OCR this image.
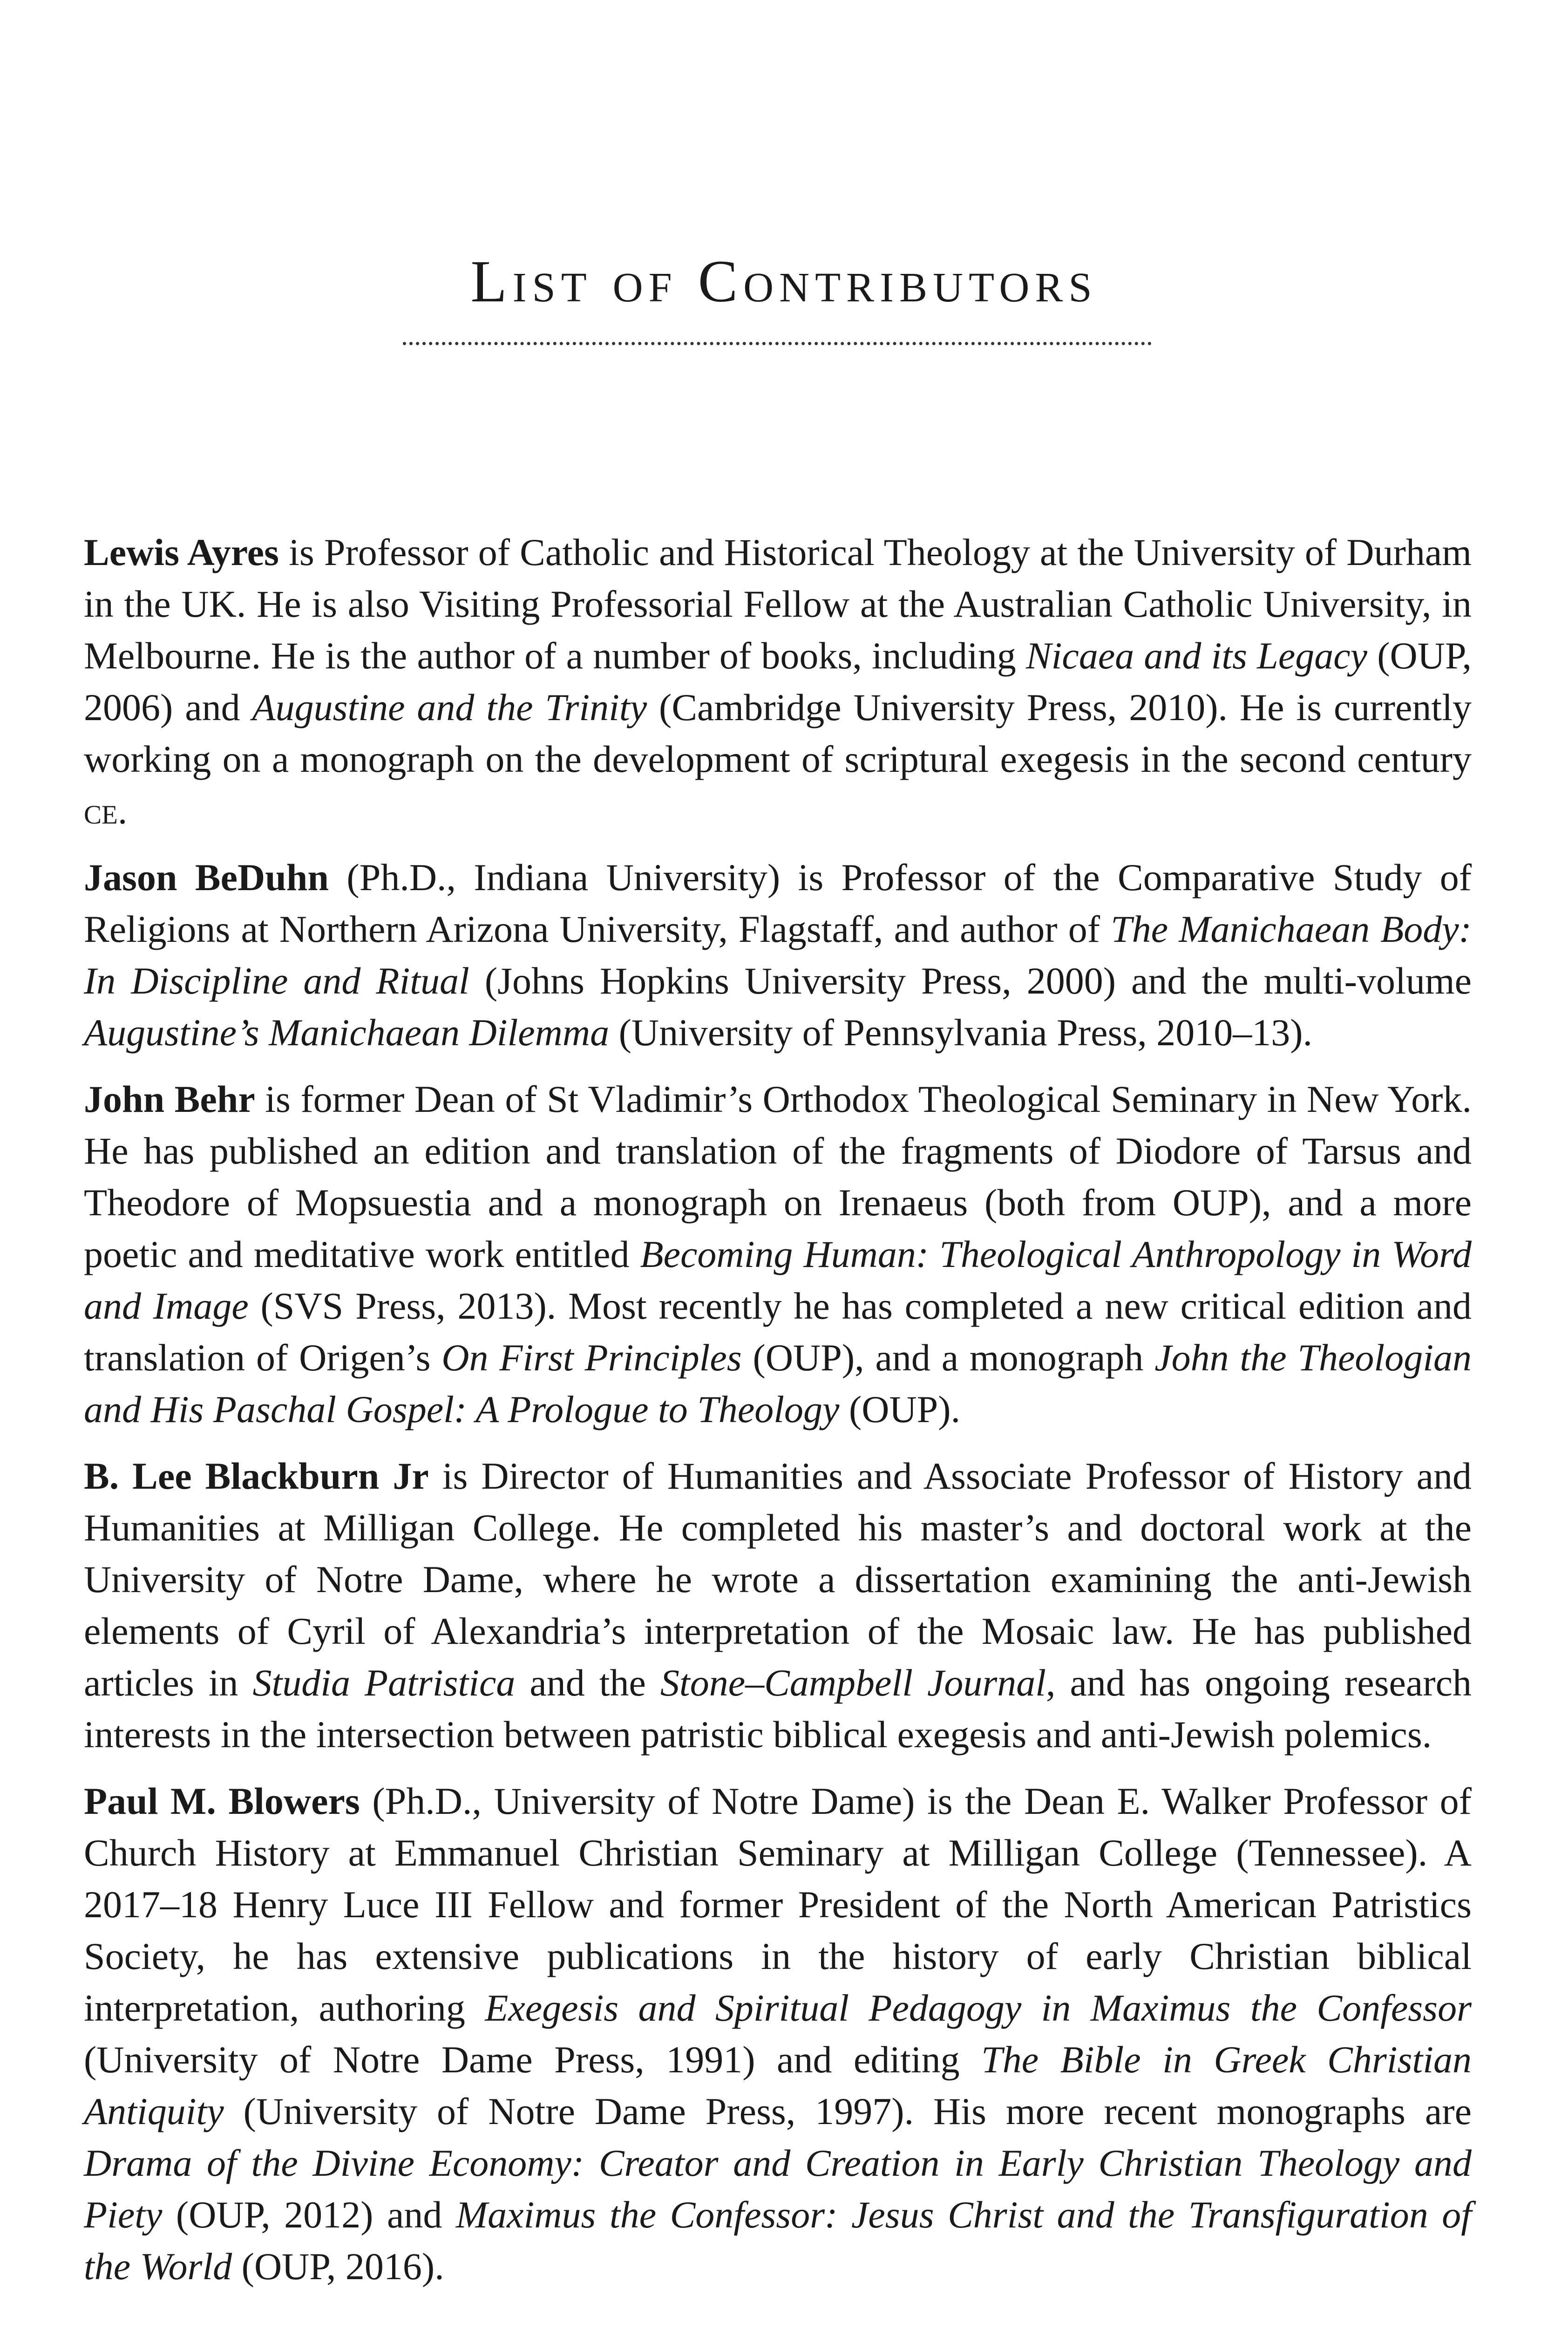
List of Contributors

Lewis Ayres is Professor of Catholic and Historical Theology at the University of Durham in the UK. He is also Visiting Professorial Fellow at the Australian Catholic University, in Melbourne. He is the author of a number of books, including Nicaea and its Legacy (OUP, 2006) and Augustine and the Trinity (Cambridge University Press, 2010). He is currently working on a monograph on the development of scriptural exegesis in the second century ce.

Jason BeDuhn (Ph.D., Indiana University) is Professor of the Comparative Study of Religions at Northern Arizona University, Flagstaff, and author of The Manichaean Body: In Discipline and Ritual (Johns Hopkins University Press, 2000) and the multi-volume Augustine’s Manichaean Dilemma (University of Pennsylvania Press, 2010–13).

John Behr is former Dean of St Vladimir’s Orthodox Theological Seminary in New York. He has published an edition and translation of the fragments of Diodore of Tarsus and Theodore of Mopsuestia and a monograph on Irenaeus (both from OUP), and a more poetic and meditative work entitled Becoming Human: Theological Anthropology in Word and Image (SVS Press, 2013). Most recently he has completed a new critical edition and translation of Origen’s On First Principles (OUP), and a monograph John the Theologian and His Paschal Gospel: A Prologue to Theology (OUP).

B. Lee Blackburn Jr is Director of Humanities and Associate Professor of History and Humanities at Milligan College. He completed his master’s and doctoral work at the University of Notre Dame, where he wrote a dissertation examining the anti-Jewish elements of Cyril of Alexandria’s interpretation of the Mosaic law. He has published articles in Studia Patristica and the Stone–Campbell Journal, and has ongoing research interests in the intersection between patristic biblical exegesis and anti-Jewish polemics.

Paul M. Blowers (Ph.D., University of Notre Dame) is the Dean E. Walker Professor of Church History at Emmanuel Christian Seminary at Milligan College (Tennessee). A 2017–18 Henry Luce III Fellow and former President of the North American Patristics Society, he has extensive publications in the history of early Christian biblical interpretation, authoring Exegesis and Spiritual Pedagogy in Maximus the Confessor (University of Notre Dame Press, 1991) and editing The Bible in Greek Christian Antiquity (University of Notre Dame Press, 1997). His more recent monographs are Drama of the Divine Economy: Creator and Creation in Early Christian Theology and Piety (OUP, 2012) and Maximus the Confessor: Jesus Christ and the Transfiguration of the World (OUP, 2016).
